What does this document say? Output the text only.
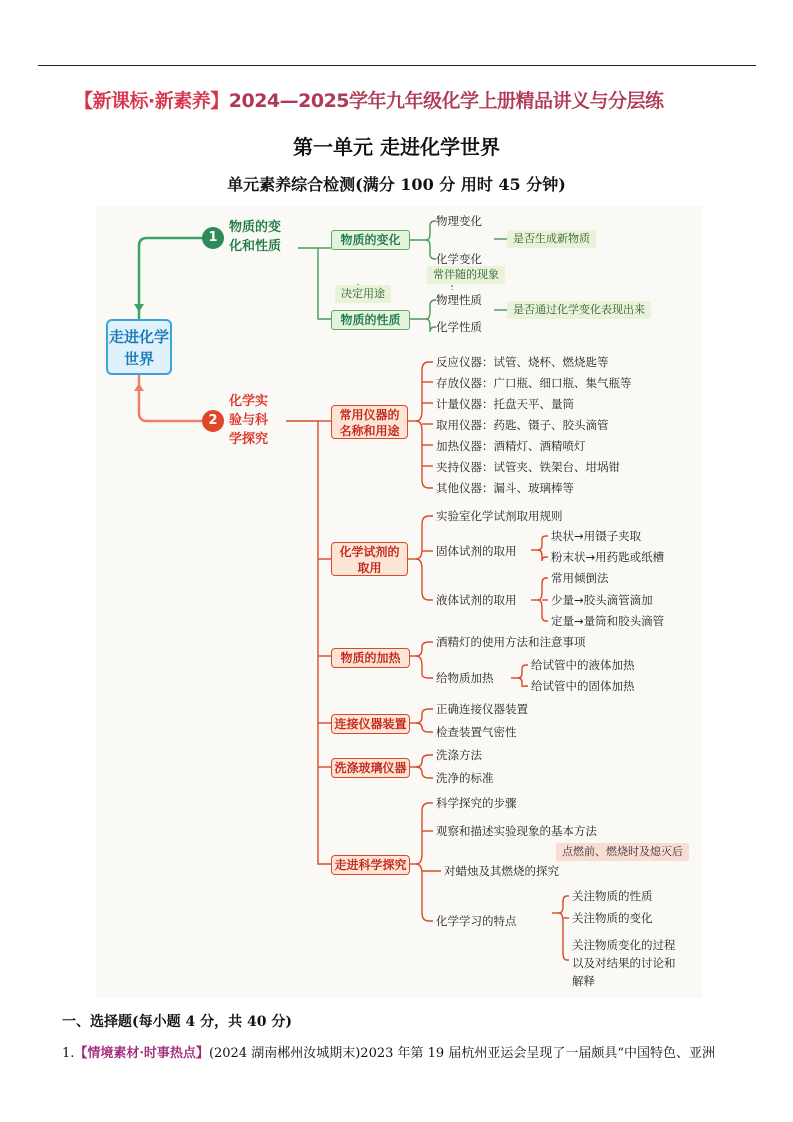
【新课标·新素养】2024—2025学年九年级化学上册精品讲义与分层练
第一单元 走进化学世界
单元素养综合检测(满分 100 分 用时 45 分钟)
走进化学世界
1
物质的变
化和性质	物质的变化
物理变化
化学变化
是否生成新物质
常伴随的现象
决定用途
物质的性质
物理性质
化学性质
是否通过化学变化表现出来
2
化学实
验与科
学探究
常用仪器的
名称和用途
反应仪器：试管、烧杯、燃烧匙等
存放仪器：广口瓶、细口瓶、集气瓶等
计量仪器：托盘天平、量筒
取用仪器：药匙、镊子、胶头滴管
加热仪器：酒精灯、酒精喷灯
夹持仪器：试管夹、铁架台、坩埚钳
其他仪器：漏斗、玻璃棒等
化学试剂的
取用
实验室化学试剂取用规则
固体试剂的取用
块状→用镊子夹取
粉末状→用药匙或纸槽
液体试剂的取用
常用倾倒法
少量→胶头滴管滴加
定量→量筒和胶头滴管
物质的加热
酒精灯的使用方法和注意事项
给物质加热
给试管中的液体加热
给试管中的固体加热
连接仪器装置
正确连接仪器装置
检查装置气密性
洗涤玻璃仪器
洗涤方法
洗净的标准
走进科学探究
科学探究的步骤
观察和描述实验现象的基本方法
点燃前、燃烧时及熄灭后
对蜡烛及其燃烧的探究
化学学习的特点
关注物质的性质
关注物质的变化
关注物质变化的过程
以及对结果的讨论和
解释
一、选择题(每小题 4 分，共 40 分)
1.【情境素材·时事热点】(2024 湖南郴州汝城期末)2023 年第 19 届杭州亚运会呈现了一届颇具“中国特色、亚洲
